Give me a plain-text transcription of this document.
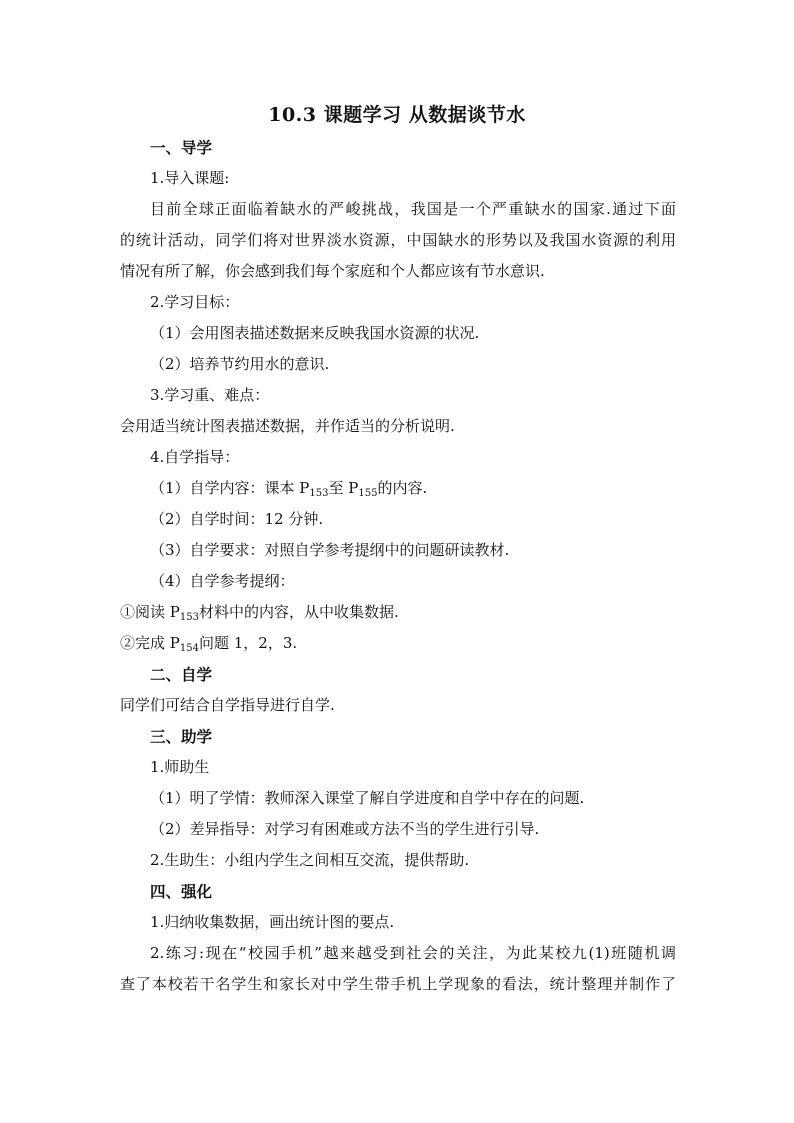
10.3 课题学习 从数据谈节水
一、导学
1.导入课题:
目前全球正面临着缺水的严峻挑战，我国是一个严重缺水的国家.通过下面
的统计活动，同学们将对世界淡水资源，中国缺水的形势以及我国水资源的利用
情况有所了解，你会感到我们每个家庭和个人都应该有节水意识.
2.学习目标：
（1）会用图表描述数据来反映我国水资源的状况.
（2）培养节约用水的意识.
3.学习重、难点：
会用适当统计图表描述数据，并作适当的分析说明.
4.自学指导：
（1）自学内容：课本 $P_{153}$至 $P_{155}$的内容.
（2）自学时间：12 分钟.
（3）自学要求：对照自学参考提纲中的问题研读教材.
（4）自学参考提纲：
①阅读 $P_{153}$材料中的内容，从中收集数据.
②完成 $P_{154}$问题 1，2，3.
二、自学
同学们可结合自学指导进行自学.
三、助学
1.师助生
（1）明了学情：教师深入课堂了解自学进度和自学中存在的问题.
（2）差异指导：对学习有困难或方法不当的学生进行引导.
2.生助生：小组内学生之间相互交流，提供帮助.
四、强化
1.归纳收集数据，画出统计图的要点.
2.练习:现在“校园手机”越来越受到社会的关注，为此某校九(1)班随机调
查了本校若干名学生和家长对中学生带手机上学现象的看法，统计整理并制作了
